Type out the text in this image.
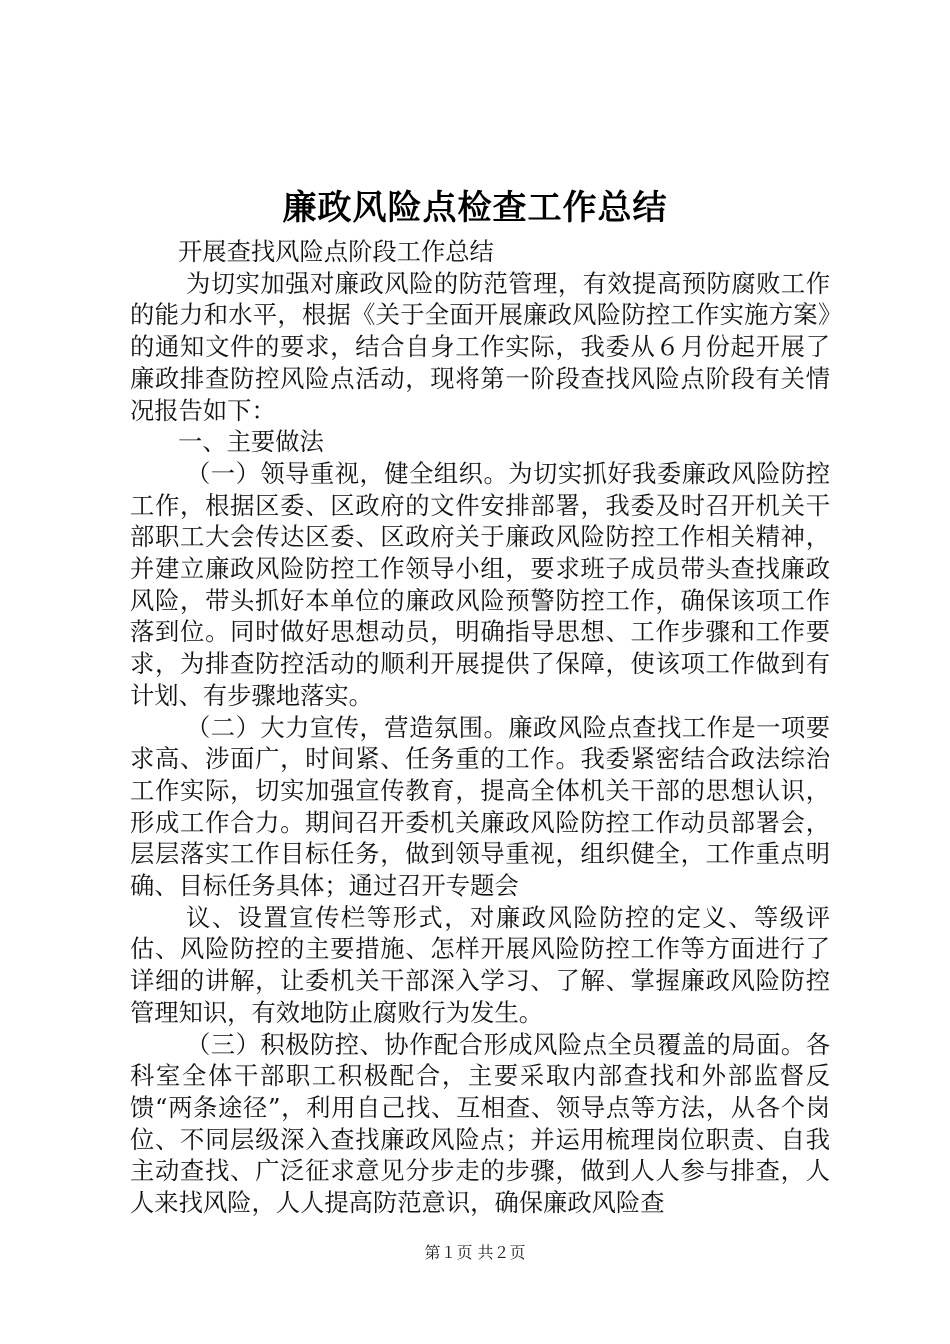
廉政风险点检查工作总结

开展查找风险点阶段工作总结

为切实加强对廉政风险的防范管理，有效提高预防腐败工作的能力和水平，根据《关于全面开展廉政风险防控工作实施方案》的通知文件的要求，结合自身工作实际，我委从６月份起开展了廉政排查防控风险点活动，现将第一阶段查找风险点阶段有关情况报告如下：

一、主要做法

（一）领导重视，健全组织。为切实抓好我委廉政风险防控工作，根据区委、区政府的文件安排部署，我委及时召开机关干部职工大会传达区委、区政府关于廉政风险防控工作相关精神，并建立廉政风险防控工作领导小组，要求班子成员带头查找廉政风险，带头抓好本单位的廉政风险预警防控工作，确保该项工作落到位。同时做好思想动员，明确指导思想、工作步骤和工作要求，为排查防控活动的顺利开展提供了保障，使该项工作做到有计划、有步骤地落实。

（二）大力宣传，营造氛围。廉政风险点查找工作是一项要求高、涉面广，时间紧、任务重的工作。我委紧密结合政法综治工作实际，切实加强宣传教育，提高全体机关干部的思想认识，形成工作合力。期间召开委机关廉政风险防控工作动员部署会，层层落实工作目标任务，做到领导重视，组织健全，工作重点明确、目标任务具体；通过召开专题会

议、设置宣传栏等形式，对廉政风险防控的定义、等级评估、风险防控的主要措施、怎样开展风险防控工作等方面进行了详细的讲解，让委机关干部深入学习、了解、掌握廉政风险防控管理知识，有效地防止腐败行为发生。

（三）积极防控、协作配合形成风险点全员覆盖的局面。各科室全体干部职工积极配合，主要采取内部查找和外部监督反馈“两条途径”，利用自己找、互相查、领导点等方法，从各个岗位、不同层级深入查找廉政风险点；并运用梳理岗位职责、自我主动查找、广泛征求意见分步走的步骤，做到人人参与排查，人人来找风险，人人提高防范意识，确保廉政风险查

第１页 共２页
